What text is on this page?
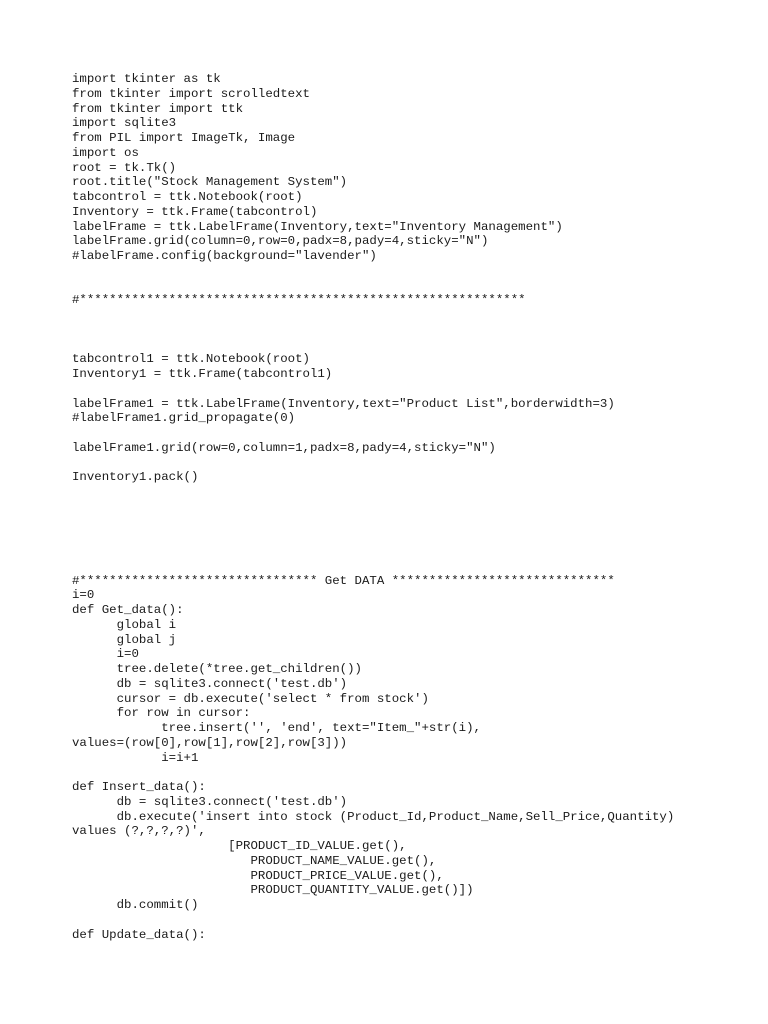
import tkinter as tk
from tkinter import scrolledtext
from tkinter import ttk
import sqlite3
from PIL import ImageTk, Image
import os
root = tk.Tk()
root.title("Stock Management System")
tabcontrol = ttk.Notebook(root)
Inventory = ttk.Frame(tabcontrol)
labelFrame = ttk.LabelFrame(Inventory,text="Inventory Management")
labelFrame.grid(column=0,row=0,padx=8,pady=4,sticky="N")
#labelFrame.config(background="lavender")
#************************************************************
tabcontrol1 = ttk.Notebook(root)
Inventory1 = ttk.Frame(tabcontrol1)
labelFrame1 = ttk.LabelFrame(Inventory,text="Product List",borderwidth=3)
#labelFrame1.grid_propagate(0)
labelFrame1.grid(row=0,column=1,padx=8,pady=4,sticky="N")
Inventory1.pack()
#******************************** Get DATA ******************************
i=0
def Get_data():
global i
global j
i=0
tree.delete(*tree.get_children())
db = sqlite3.connect('test.db')
cursor = db.execute('select * from stock')
for row in cursor:
tree.insert('', 'end', text="Item_"+str(i),
values=(row[0],row[1],row[2],row[3]))
i=i+1
def Insert_data():
db = sqlite3.connect('test.db')
db.execute('insert into stock (Product_Id,Product_Name,Sell_Price,Quantity)
values (?,?,?,?)',
[PRODUCT_ID_VALUE.get(),
PRODUCT_NAME_VALUE.get(),
PRODUCT_PRICE_VALUE.get(),
PRODUCT_QUANTITY_VALUE.get()])
db.commit()
def Update_data():
